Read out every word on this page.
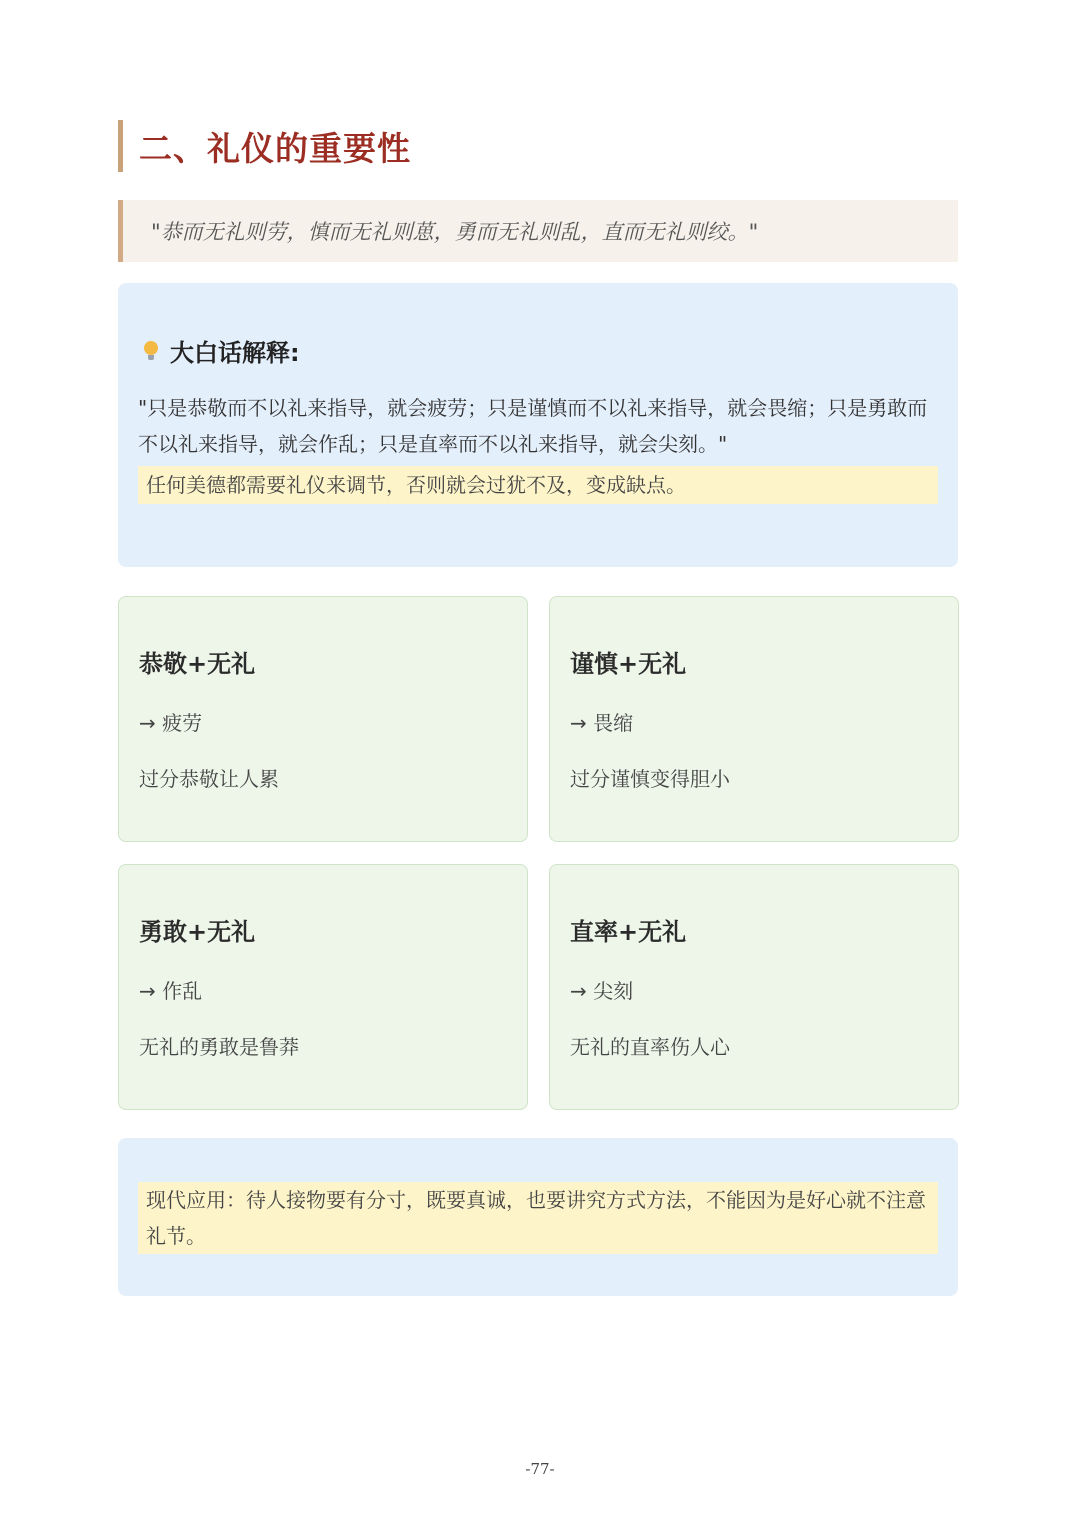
二、礼仪的重要性
"恭而无礼则劳，慎而无礼则葸，勇而无礼则乱，直而无礼则绞。"
大白话解释:
"只是恭敬而不以礼来指导，就会疲劳；只是谨慎而不以礼来指导，就会畏缩；只是勇敢而不以礼来指导，就会作乱；只是直率而不以礼来指导，就会尖刻。"
任何美德都需要礼仪来调节，否则就会过犹不及，变成缺点。
恭敬+无礼
→ 疲劳
过分恭敬让人累
谨慎+无礼
→ 畏缩
过分谨慎变得胆小
勇敢+无礼
→ 作乱
无礼的勇敢是鲁莽
直率+无礼
→ 尖刻
无礼的直率伤人心
现代应用：待人接物要有分寸，既要真诚，也要讲究方式方法，不能因为是好心就不注意礼节。
-77-
